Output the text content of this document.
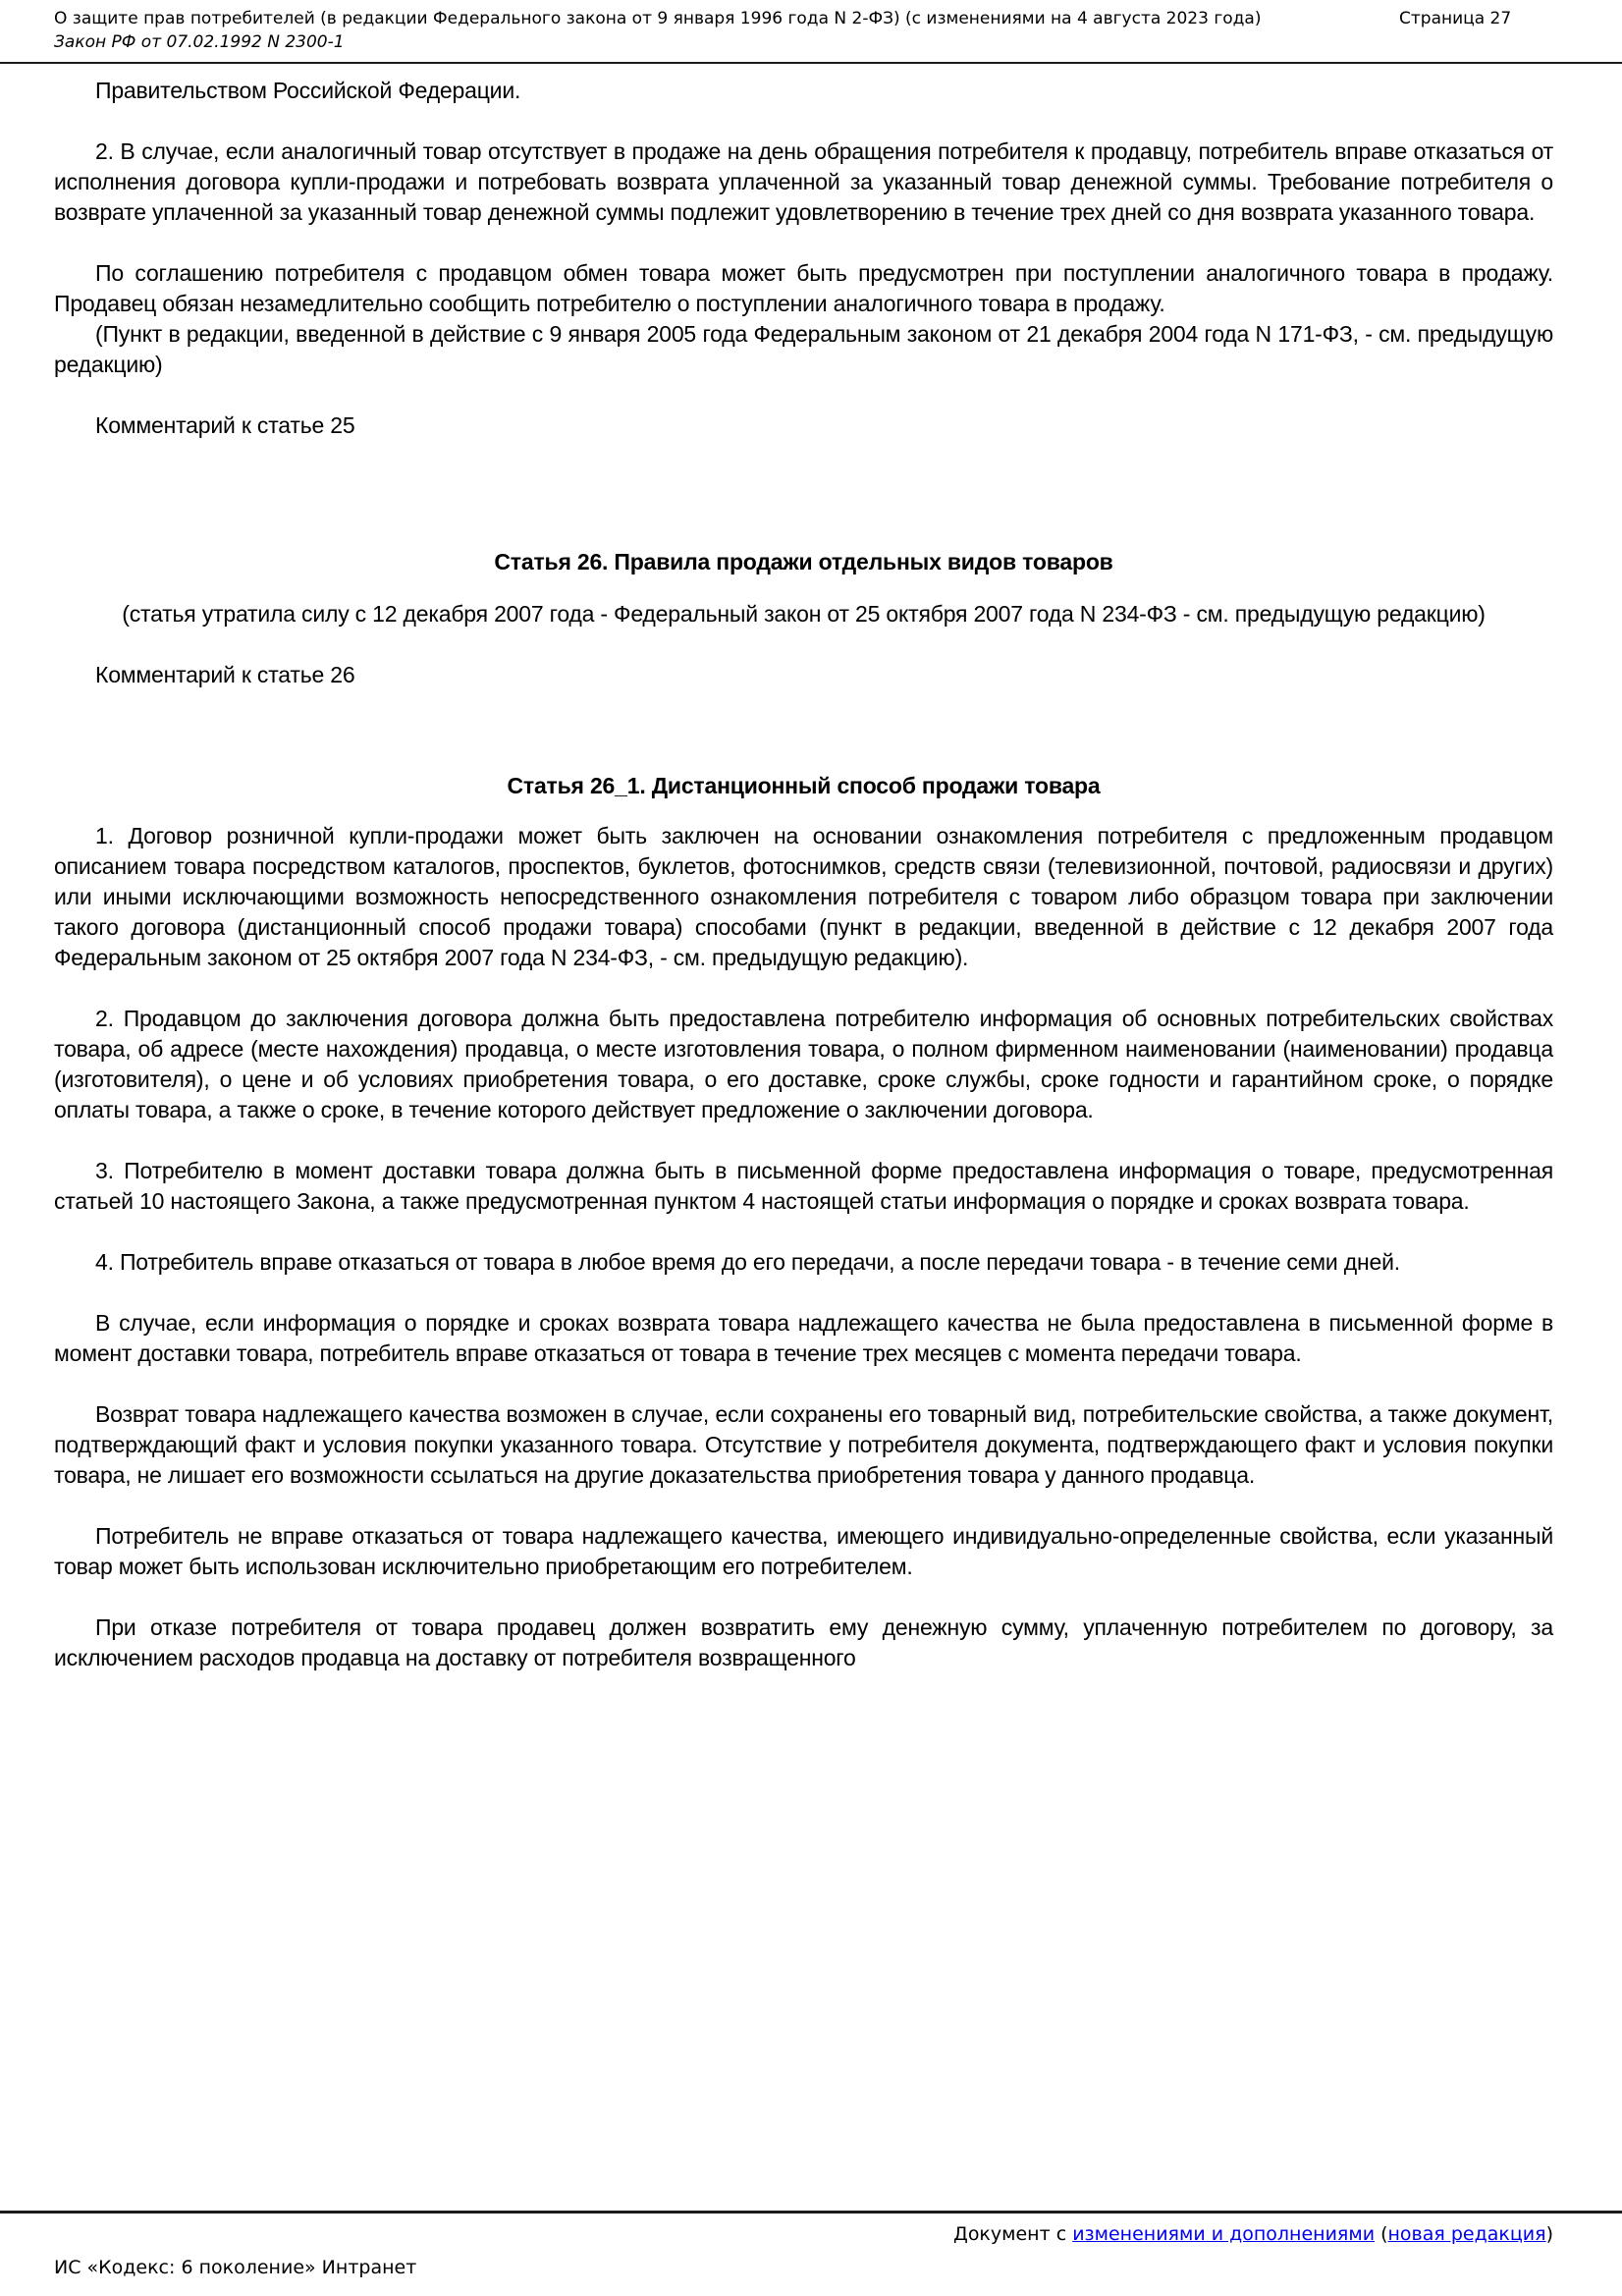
О защите прав потребителей (в редакции Федерального закона от 9 января 1996 года N 2-ФЗ) (с изменениями на 4 августа 2023 года)	Страница 27
Закон РФ от 07.02.1992 N 2300-1

Правительством Российской Федерации.

2. В случае, если аналогичный товар отсутствует в продаже на день обращения потребителя к продавцу, потребитель вправе отказаться от исполнения договора купли-продажи и потребовать возврата уплаченной за указанный товар денежной суммы. Требование потребителя о возврате уплаченной за указанный товар денежной суммы подлежит удовлетворению в течение трех дней со дня возврата указанного товара.

По соглашению потребителя с продавцом обмен товара может быть предусмотрен при поступлении аналогичного товара в продажу. Продавец обязан незамедлительно сообщить потребителю о поступлении аналогичного товара в продажу.

(Пункт в редакции, введенной в действие с 9 января 2005 года Федеральным законом от 21 декабря 2004 года N 171-ФЗ, - см. предыдущую редакцию)

Комментарий к статье 25

Статья 26. Правила продажи отдельных видов товаров

(статья утратила силу с 12 декабря 2007 года - Федеральный закон от 25 октября 2007 года N 234-ФЗ - см. предыдущую редакцию)

Комментарий к статье 26

Статья 26_1. Дистанционный способ продажи товара

1. Договор розничной купли-продажи может быть заключен на основании ознакомления потребителя с предложенным продавцом описанием товара посредством каталогов, проспектов, буклетов, фотоснимков, средств связи (телевизионной, почтовой, радиосвязи и других) или иными исключающими возможность непосредственного ознакомления потребителя с товаром либо образцом товара при заключении такого договора (дистанционный способ продажи товара) способами (пункт в редакции, введенной в действие с 12 декабря 2007 года Федеральным законом от 25 октября 2007 года N 234-ФЗ, - см. предыдущую редакцию).

2. Продавцом до заключения договора должна быть предоставлена потребителю информация об основных потребительских свойствах товара, об адресе (месте нахождения) продавца, о месте изготовления товара, о полном фирменном наименовании (наименовании) продавца (изготовителя), о цене и об условиях приобретения товара, о его доставке, сроке службы, сроке годности и гарантийном сроке, о порядке оплаты товара, а также о сроке, в течение которого действует предложение о заключении договора.

3. Потребителю в момент доставки товара должна быть в письменной форме предоставлена информация о товаре, предусмотренная статьей 10 настоящего Закона, а также предусмотренная пунктом 4 настоящей статьи информация о порядке и сроках возврата товара.

4. Потребитель вправе отказаться от товара в любое время до его передачи, а после передачи товара - в течение семи дней.

В случае, если информация о порядке и сроках возврата товара надлежащего качества не была предоставлена в письменной форме в момент доставки товара, потребитель вправе отказаться от товара в течение трех месяцев с момента передачи товара.

Возврат товара надлежащего качества возможен в случае, если сохранены его товарный вид, потребительские свойства, а также документ, подтверждающий факт и условия покупки указанного товара. Отсутствие у потребителя документа, подтверждающего факт и условия покупки товара, не лишает его возможности ссылаться на другие доказательства приобретения товара у данного продавца.

Потребитель не вправе отказаться от товара надлежащего качества, имеющего индивидуально-определенные свойства, если указанный товар может быть использован исключительно приобретающим его потребителем.

При отказе потребителя от товара продавец должен возвратить ему денежную сумму, уплаченную потребителем по договору, за исключением расходов продавца на доставку от потребителя возвращенного

Документ с изменениями и дополнениями (новая редакция)
ИС «Кодекс: 6 поколение» Интранет
